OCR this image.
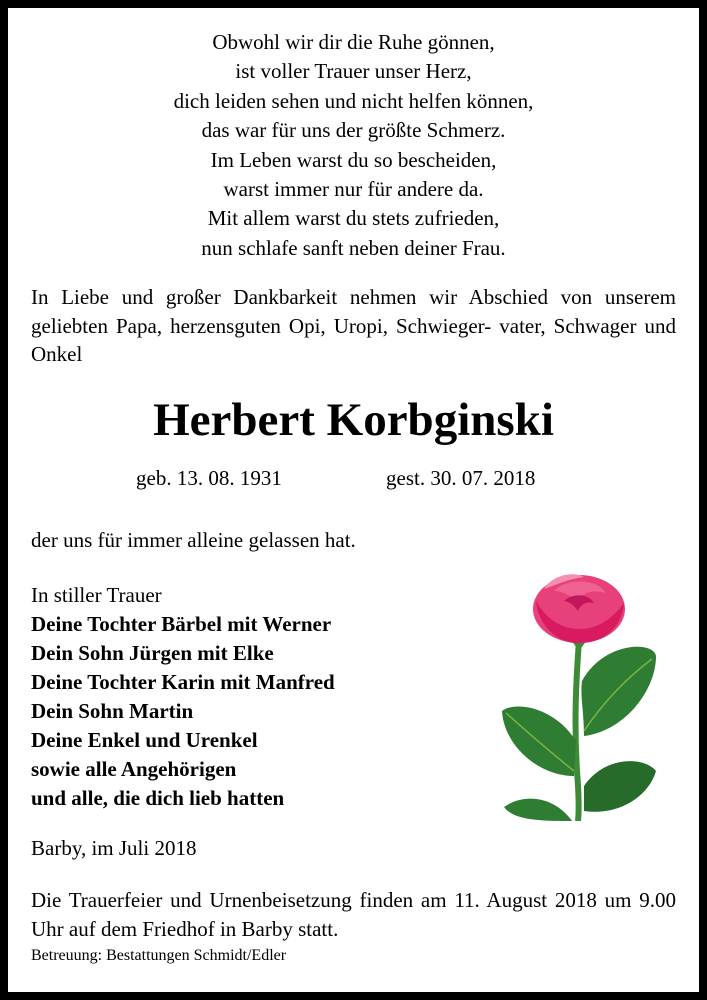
Obwohl wir dir die Ruhe gönnen,
ist voller Trauer unser Herz,
dich leiden sehen und nicht helfen können,
das war für uns der größte Schmerz.
Im Leben warst du so bescheiden,
warst immer nur für andere da.
Mit allem warst du stets zufrieden,
nun schlafe sanft neben deiner Frau.
In Liebe und großer Dankbarkeit nehmen wir Abschied von unserem geliebten Papa, herzensguten Opi, Uropi, Schwieger- vater, Schwager und Onkel
Herbert Korbginski
geb. 13. 08. 1931	gest. 30. 07. 2018
der uns für immer alleine gelassen hat.
In stiller Trauer
Deine Tochter Bärbel mit Werner
Dein Sohn Jürgen mit Elke
Deine Tochter Karin mit Manfred
Dein Sohn Martin
Deine Enkel und Urenkel
sowie alle Angehörigen
und alle, die dich lieb hatten
Barby, im Juli 2018
Die Trauerfeier und Urnenbeisetzung finden am 11. August 2018 um 9.00 Uhr auf dem Friedhof in Barby statt.
Betreuung: Bestattungen Schmidt/Edler
